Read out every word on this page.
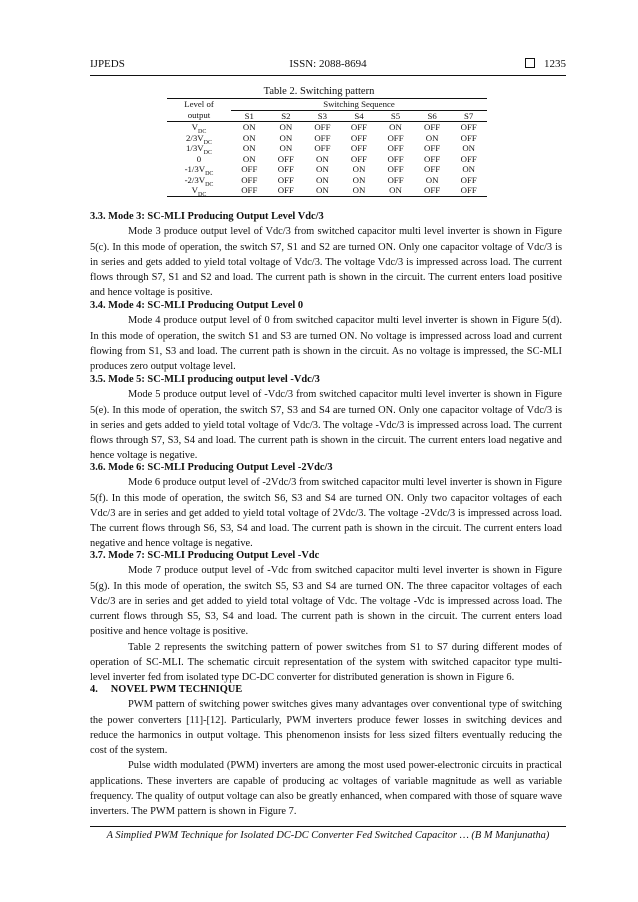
IJPEDS	ISSN: 2088-8694	1235
Table 2. Switching pattern
Level of	Switching Sequence						
output	S1	S2	S3	S4	S5	S6	S7
$V_{DC}$	ON	ON	OFF	OFF	ON	OFF	OFF
$2/3V_{DC}$	ON	ON	OFF	OFF	OFF	ON	OFF
$1/3V_{DC}$	ON	ON	OFF	OFF	OFF	OFF	ON
0	ON	OFF	ON	OFF	OFF	OFF	OFF
$-1/3V_{DC}$	OFF	OFF	ON	ON	OFF	OFF	ON
$-2/3V_{DC}$	OFF	OFF	ON	ON	OFF	ON	OFF
$V_{DC}$	OFF	OFF	ON	ON	ON	OFF	OFF
3.3. Mode 3: SC-MLI Producing Output Level Vdc/3

Mode 3 produce output level of Vdc/3 from switched capacitor multi level inverter is shown in Figure 5(c). In this mode of operation, the switch S7, S1 and S2 are turned ON. Only one capacitor voltage of Vdc/3 is in series and gets added to yield total voltage of Vdc/3. The voltage Vdc/3 is impressed across load. The current flows through S7, S1 and S2 and load. The current path is shown in the circuit. The current enters load positive and hence voltage is positive.

3.4. Mode 4: SC-MLI Producing Output Level 0

Mode 4 produce output level of 0 from switched capacitor multi level inverter is shown in Figure 5(d). In this mode of operation, the switch S1 and S3 are turned ON. No voltage is impressed across load and current flowing from S1, S3 and load. The current path is shown in the circuit. As no voltage is impressed, the SC-MLI produces zero output voltage level.

3.5. Mode 5: SC-MLI producing output level -Vdc/3

Mode 5 produce output level of -Vdc/3 from switched capacitor multi level inverter is shown in Figure 5(e). In this mode of operation, the switch S7, S3 and S4 are turned ON. Only one capacitor voltage of Vdc/3 is in series and gets added to yield total voltage of Vdc/3. The voltage -Vdc/3 is impressed across load. The current flows through S7, S3, S4 and load. The current path is shown in the circuit. The current enters load negative and hence voltage is negative.

3.6. Mode 6: SC-MLI Producing Output Level -2Vdc/3

Mode 6 produce output level of -2Vdc/3 from switched capacitor multi level inverter is shown in Figure 5(f). In this mode of operation, the switch S6, S3 and S4 are turned ON. Only two capacitor voltages of each Vdc/3 are in series and get added to yield total voltage of 2Vdc/3. The voltage -2Vdc/3 is impressed across load. The current flows through S6, S3, S4 and load. The current path is shown in the circuit. The current enters load negative and hence voltage is negative.

3.7. Mode 7: SC-MLI Producing Output Level -Vdc

Mode 7 produce output level of -Vdc from switched capacitor multi level inverter is shown in Figure 5(g). In this mode of operation, the switch S5, S3 and S4 are turned ON. The three capacitor voltages of each Vdc/3 are in series and get added to yield total voltage of Vdc. The voltage -Vdc is impressed across load. The current flows through S5, S3, S4 and load. The current path is shown in the circuit. The current enters load positive and hence voltage is positive.

Table 2 represents the switching pattern of power switches from S1 to S7 during different modes of operation of SC-MLI. The schematic circuit representation of the system with switched capacitor type multi-level inverter fed from isolated type DC-DC converter for distributed generation is shown in Figure 6.

4.     NOVEL PWM TECHNIQUE

PWM pattern of switching power switches gives many advantages over conventional type of switching the power converters [11]-[12]. Particularly, PWM inverters produce fewer losses in switching devices and reduce the harmonics in output voltage. This phenomenon insists for less sized filters eventually reducing the cost of the system.

Pulse width modulated (PWM) inverters are among the most used power-electronic circuits in practical applications. These inverters are capable of producing ac voltages of variable magnitude as well as variable frequency. The quality of output voltage can also be greatly enhanced, when compared with those of square wave inverters. The PWM pattern is shown in Figure 7.

A Simplied PWM Technique for Isolated DC-DC Converter Fed Switched Capacitor … (B M Manjunatha)
